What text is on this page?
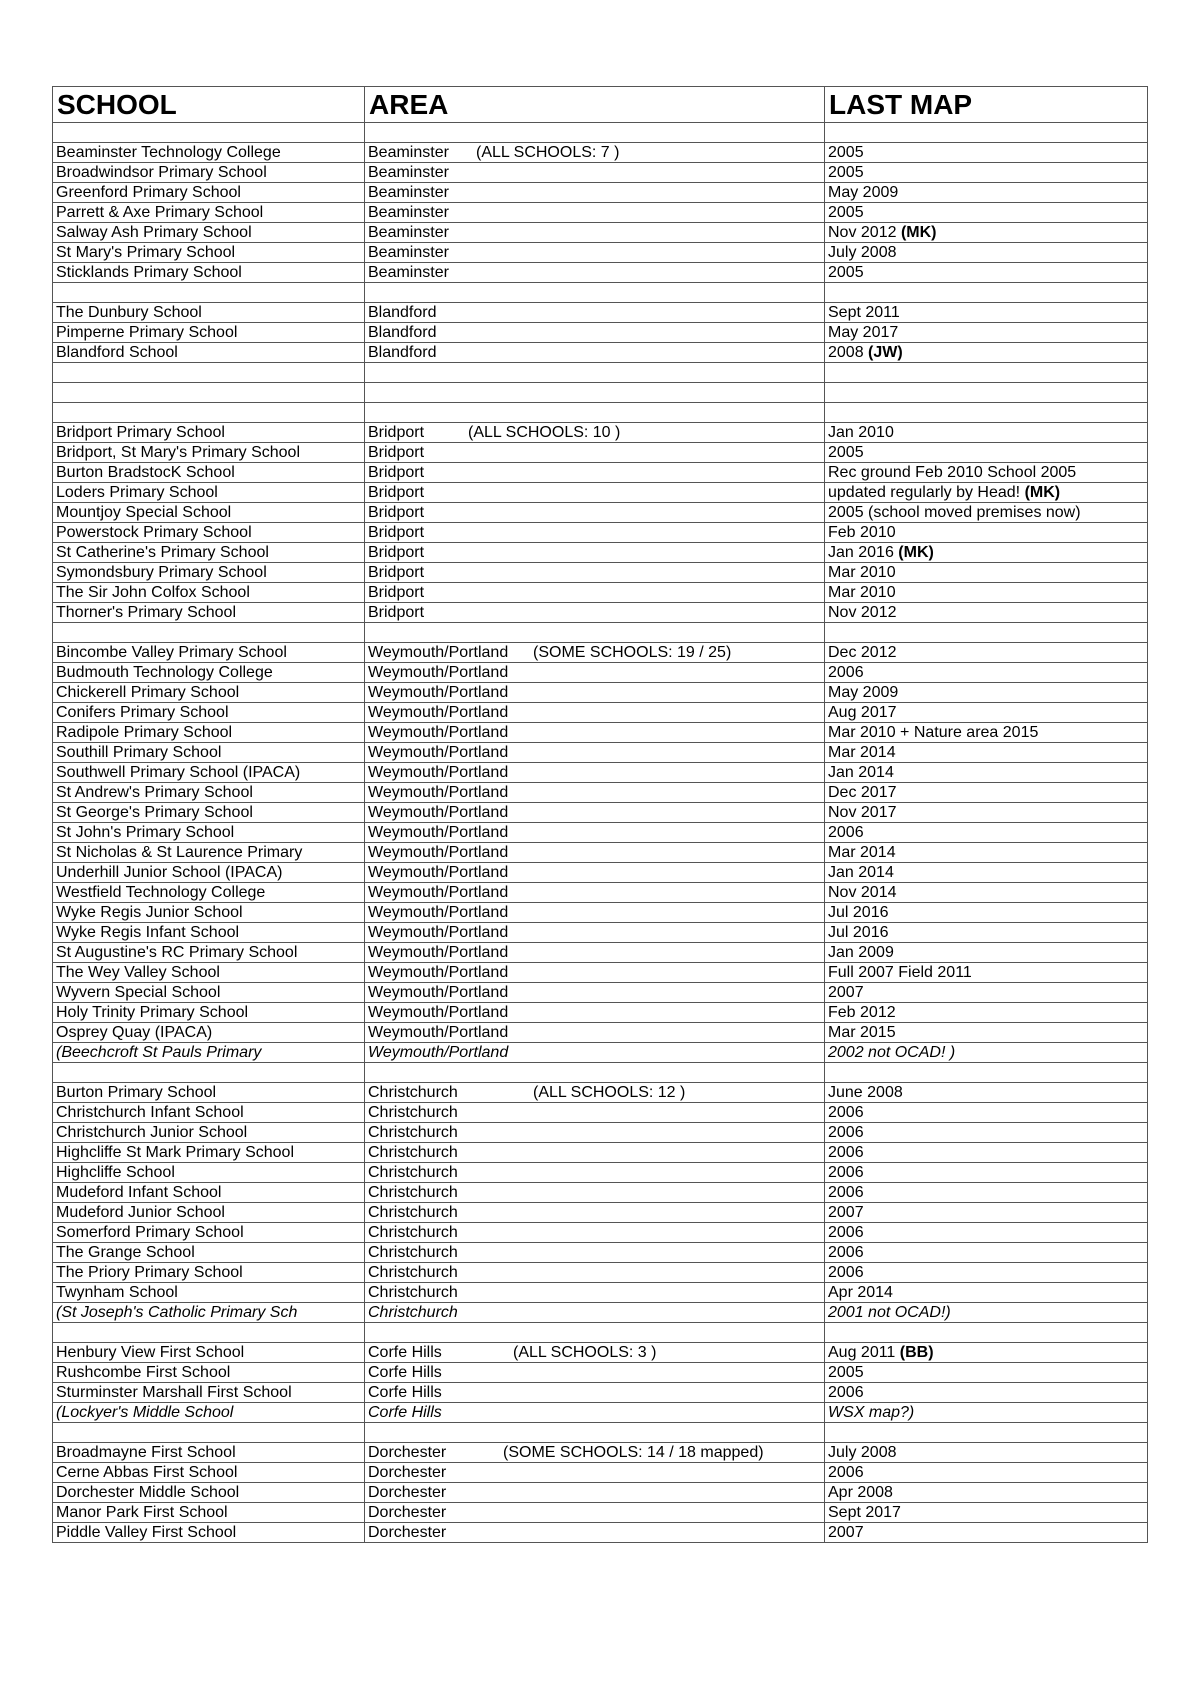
SCHOOL	AREA	LAST MAP

Beaminster Technology College	Beaminster (ALL SCHOOLS: 7 )	2005
Broadwindsor Primary School	Beaminster	2005
Greenford Primary School	Beaminster	May 2009
Parrett & Axe Primary School	Beaminster	2005
Salway Ash Primary School	Beaminster	Nov 2012 (MK)
St Mary's Primary School	Beaminster	July 2008
Sticklands Primary School	Beaminster	2005

The Dunbury School	Blandford	Sept 2011
Pimperne Primary School	Blandford	May 2017
Blandford School	Blandford	2008 (JW)

Bridport Primary School	Bridport (ALL SCHOOLS: 10 )	Jan 2010
Bridport, St Mary's Primary School	Bridport	2005
Burton BradstocK School	Bridport	Rec ground Feb 2010 School 2005
Loders Primary School	Bridport	updated regularly by Head! (MK)
Mountjoy Special School	Bridport	2005 (school moved premises now)
Powerstock Primary School	Bridport	Feb 2010
St Catherine's Primary School	Bridport	Jan 2016 (MK)
Symondsbury Primary School	Bridport	Mar 2010
The Sir John Colfox School	Bridport	Mar 2010
Thorner's Primary School	Bridport	Nov 2012

Bincombe Valley Primary School	Weymouth/Portland (SOME SCHOOLS: 19 / 25)	Dec 2012
Budmouth Technology College	Weymouth/Portland	2006
Chickerell Primary School	Weymouth/Portland	May 2009
Conifers Primary School	Weymouth/Portland	Aug 2017
Radipole Primary School	Weymouth/Portland	Mar 2010 + Nature area 2015
Southill Primary School	Weymouth/Portland	Mar 2014
Southwell Primary School (IPACA)	Weymouth/Portland	Jan 2014
St Andrew's Primary School	Weymouth/Portland	Dec 2017
St George's Primary School	Weymouth/Portland	Nov 2017
St John's Primary School	Weymouth/Portland	2006
St Nicholas & St Laurence Primary	Weymouth/Portland	Mar 2014
Underhill Junior School (IPACA)	Weymouth/Portland	Jan 2014
Westfield Technology College	Weymouth/Portland	Nov 2014
Wyke Regis Junior School	Weymouth/Portland	Jul 2016
Wyke Regis Infant School	Weymouth/Portland	Jul 2016
St Augustine's RC Primary School	Weymouth/Portland	Jan 2009
The Wey Valley School	Weymouth/Portland	Full 2007 Field 2011
Wyvern Special School	Weymouth/Portland	2007
Holy Trinity Primary School	Weymouth/Portland	Feb 2012
Osprey Quay (IPACA)	Weymouth/Portland	Mar 2015
(Beechcroft St Pauls Primary	Weymouth/Portland	2002 not OCAD! )

Burton Primary School	Christchurch (ALL SCHOOLS: 12 )	June 2008
Christchurch Infant School	Christchurch	2006
Christchurch Junior School	Christchurch	2006
Highcliffe St Mark Primary School	Christchurch	2006
Highcliffe School	Christchurch	2006
Mudeford Infant School	Christchurch	2006
Mudeford Junior School	Christchurch	2007
Somerford Primary School	Christchurch	2006
The Grange School	Christchurch	2006
The Priory Primary School	Christchurch	2006
Twynham School	Christchurch	Apr 2014
(St Joseph's Catholic Primary Sch	Christchurch	2001 not OCAD!)

Henbury View First School	Corfe Hills (ALL SCHOOLS: 3 )	Aug 2011 (BB)
Rushcombe First School	Corfe Hills	2005
Sturminster Marshall First School	Corfe Hills	2006
(Lockyer's Middle School	Corfe Hills	WSX map?)

Broadmayne First School	Dorchester (SOME SCHOOLS: 14 / 18 mapped)	July 2008
Cerne Abbas First School	Dorchester	2006
Dorchester Middle School	Dorchester	Apr 2008
Manor Park First School	Dorchester	Sept 2017
Piddle Valley First School	Dorchester	2007
